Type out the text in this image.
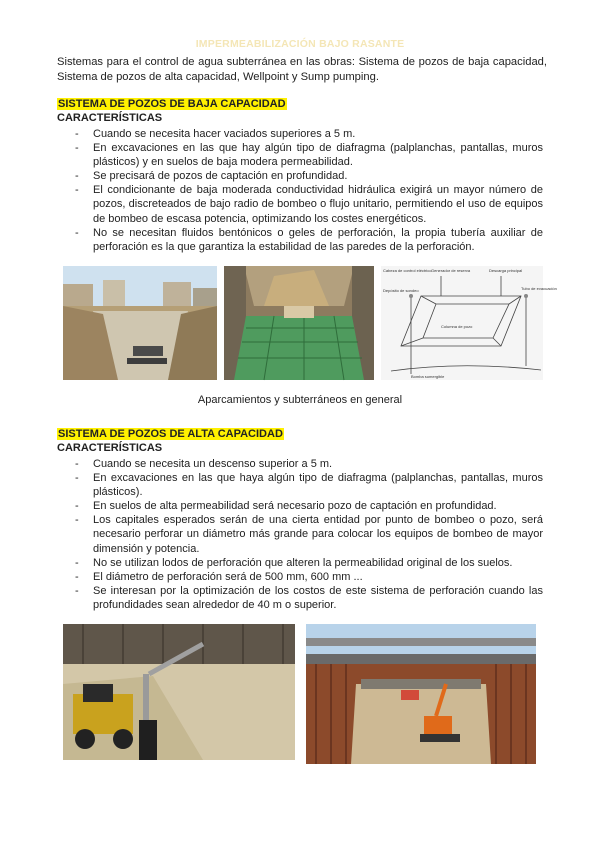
IMPERMEABILIZACIÓN BAJO RASANTE
Sistemas para el control de agua subterránea en las obras: Sistema de pozos de baja capacidad, Sistema de pozos de alta capacidad, Wellpoint y Sump pumping.
SISTEMA DE POZOS DE BAJA CAPACIDAD
CARACTERÍSTICAS
- Cuando se necesita hacer vaciados superiores a 5 m.
- En excavaciones en las que hay algún tipo de diafragma (palplanchas, pantallas, muros plásticos) y en suelos de baja modera permeabilidad.
- Se precisará de pozos de captación en profundidad.
- El condicionante de baja moderada conductividad hidráulica exigirá un mayor número de pozos, discreteados de bajo radio de bombeo o flujo unitario, permitiendo el uso de equipos de bombeo de escasa potencia, optimizando los costes energéticos.
- No se necesitan fluidos bentónicos o geles de perforación, la propia tubería auxiliar de perforación es la que garantiza la estabilidad de las paredes de la perforación.
Cabeza de control eléctrico Generador de reserva	Descarga principal
Depósito de sondeo	Tubo de evacuación
Columna de pozo
Bomba sumergible
Aparcamientos y subterráneos en general
SISTEMA DE POZOS DE ALTA CAPACIDAD
CARACTERÍSTICAS
- Cuando se necesita un descenso superior a 5 m.
- En excavaciones en las que haya algún tipo de diafragma (palplanchas, pantallas, muros plásticos).
- En suelos de alta permeabilidad será necesario pozo de captación en profundidad.
- Los capitales esperados serán de una cierta entidad por punto de bombeo o pozo, será necesario perforar un diámetro más grande para colocar los equipos de bombeo de mayor dimensión y potencia.
- No se utilizan lodos de perforación que alteren la permeabilidad original de los suelos.
- El diámetro de perforación será de 500 mm, 600 mm ...
- Se interesan por la optimización de los costos de este sistema de perforación cuando las profundidades sean alrededor de 40 m o superior.
